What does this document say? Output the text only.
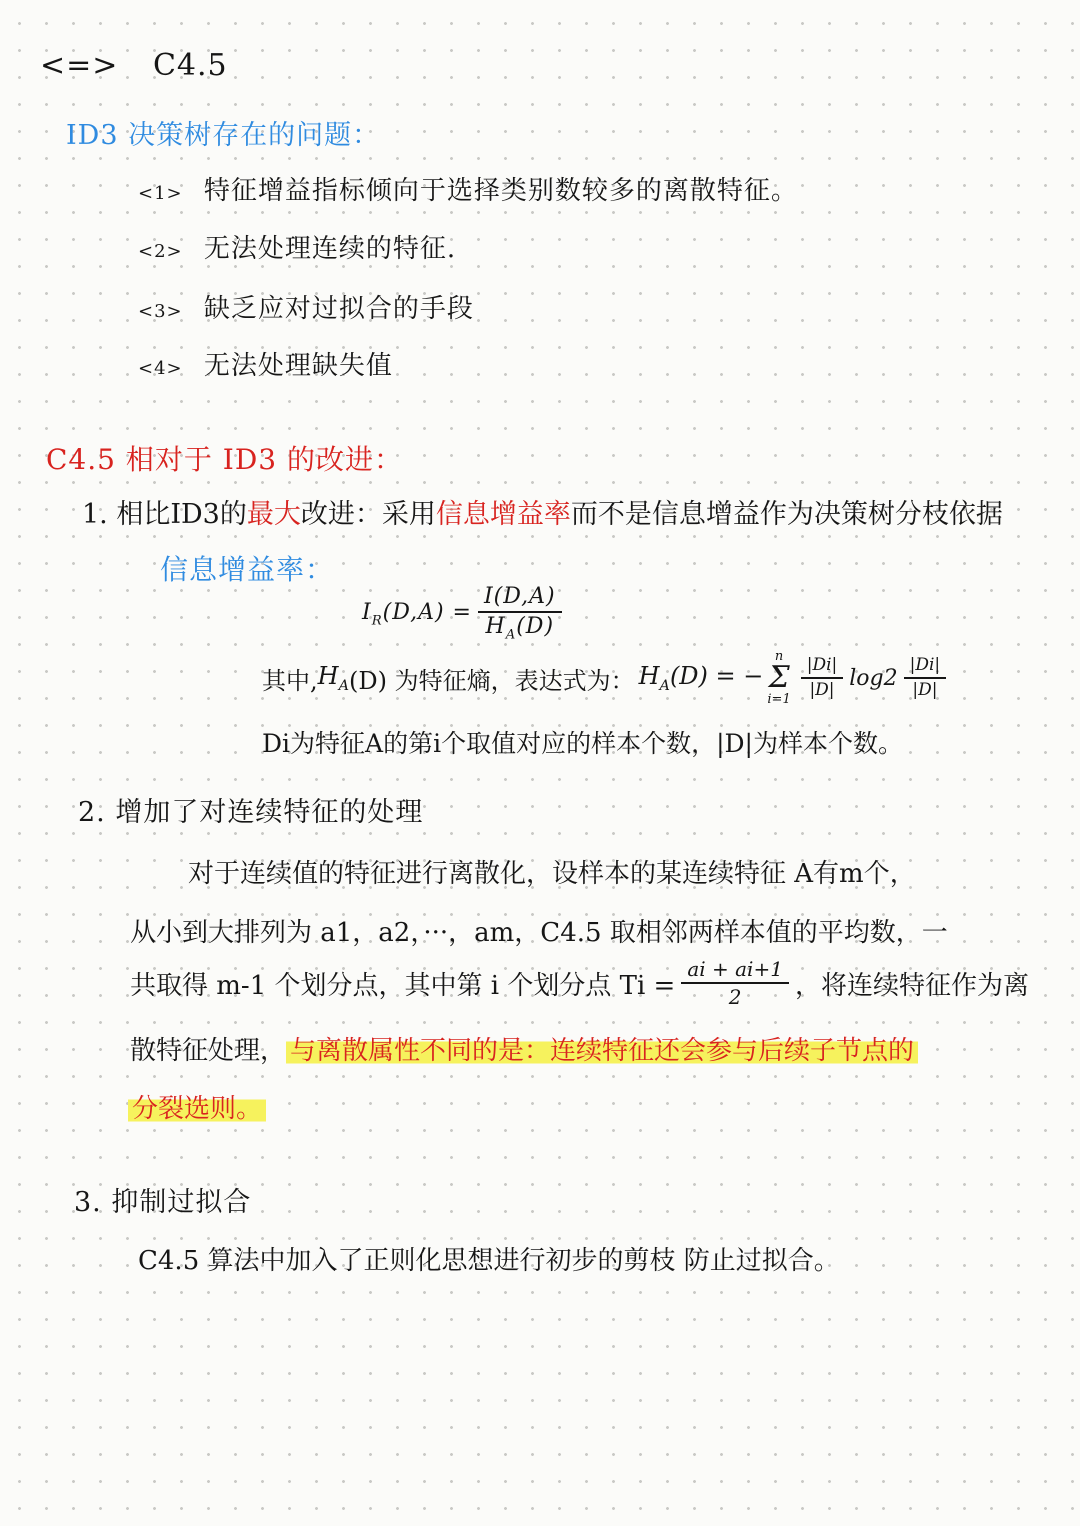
<=> C4.5
ID3 决策树存在的问题：
<1> 特征增益指标倾向于选择类别数较多的离散特征。
<2> 无法处理连续的特征.
<3> 缺乏应对过拟合的手段
<4> 无法处理缺失值
C4.5 相对于 ID3 的改进：
1. 相比ID3的最大改进：采用信息增益率而不是信息增益作为决策树分枝依据
信息增益率：
$I_R(D,A) = \frac{I(D,A)}{H_A(D)}$
其中, $H_A$ (D) 为特征熵，表达式为： $H_A(D)$ = −
n
Σ
$i=1 \frac{|Di|}{|D|} \log 2 \frac{|Di|}{|D|}$
Di为特征A的第i个取值对应的样本个数，|D|为样本个数。
2. 增加了对连续特征的处理
对于连续值的特征进行离散化，设样本的某连续特征 A有m个，
从小到大排列为 a1，a2，···，am，C4.5 取相邻两样本值的平均数，一
共取得 m-1 个划分点，其中第 i 个划分点 $Ti = \frac{ai + ai+1}{2}$ ，将连续特征作为离
散特征处理， 与离散属性不同的是：连续特征还会参与后续子节点的
分裂选则。
3. 抑制过拟合
C4.5 算法中加入了正则化思想进行初步的剪枝 防止过拟合。
